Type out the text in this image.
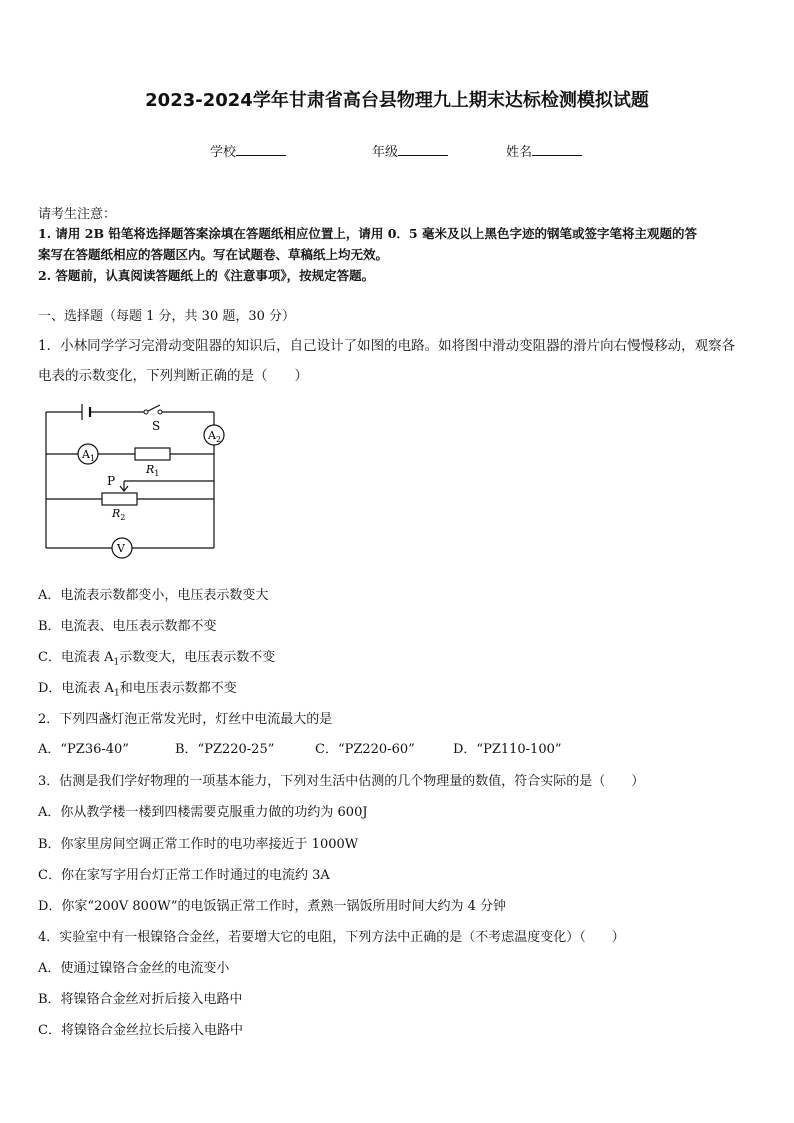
2023-2024学年甘肃省高台县物理九上期末达标检测模拟试题
学校	年级	姓名
请考生注意：
1. 请用 2B 铅笔将选择题答案涂填在答题纸相应位置上，请用 0．5 毫米及以上黑色字迹的钢笔或签字笔将主观题的答
案写在答题纸相应的答题区内。写在试题卷、草稿纸上均无效。
2. 答题前，认真阅读答题纸上的《注意事项》，按规定答题。
一、选择题（每题 1 分，共 30 题，30 分）
1．小林同学学习完滑动变阻器的知识后，自己设计了如图的电路。如将图中滑动变阻器的滑片向右慢慢移动，观察各
电表的示数变化，下列判断正确的是（　　）
S
$A_2$
$A_1$
$R_1$
P
$R_2$
V
A．电流表示数都变小，电压表示数变大
B．电流表、电压表示数都不变
C．电流表 $A_1$示数变大，电压表示数不变
D．电流表 $A_1$和电压表示数都不变
2．下列四盏灯泡正常发光时，灯丝中电流最大的是
A．“PZ36-40”	B．“PZ220-25”	C．“PZ220-60”	D．“PZ110-100”
3．估测是我们学好物理的一项基本能力，下列对生活中估测的几个物理量的数值，符合实际的是（　　）
A．你从教学楼一楼到四楼需要克服重力做的功约为 600J
B．你家里房间空调正常工作时的电功率接近于 1000W
C．你在家写字用台灯正常工作时通过的电流约 3A
D．你家“200V 800W”的电饭锅正常工作时，煮熟一锅饭所用时间大约为 4 分钟
4．实验室中有一根镍铬合金丝，若要增大它的电阻，下列方法中正确的是（不考虑温度变化）（　　）
A．使通过镍铬合金丝的电流变小
B．将镍铬合金丝对折后接入电路中
C．将镍铬合金丝拉长后接入电路中
